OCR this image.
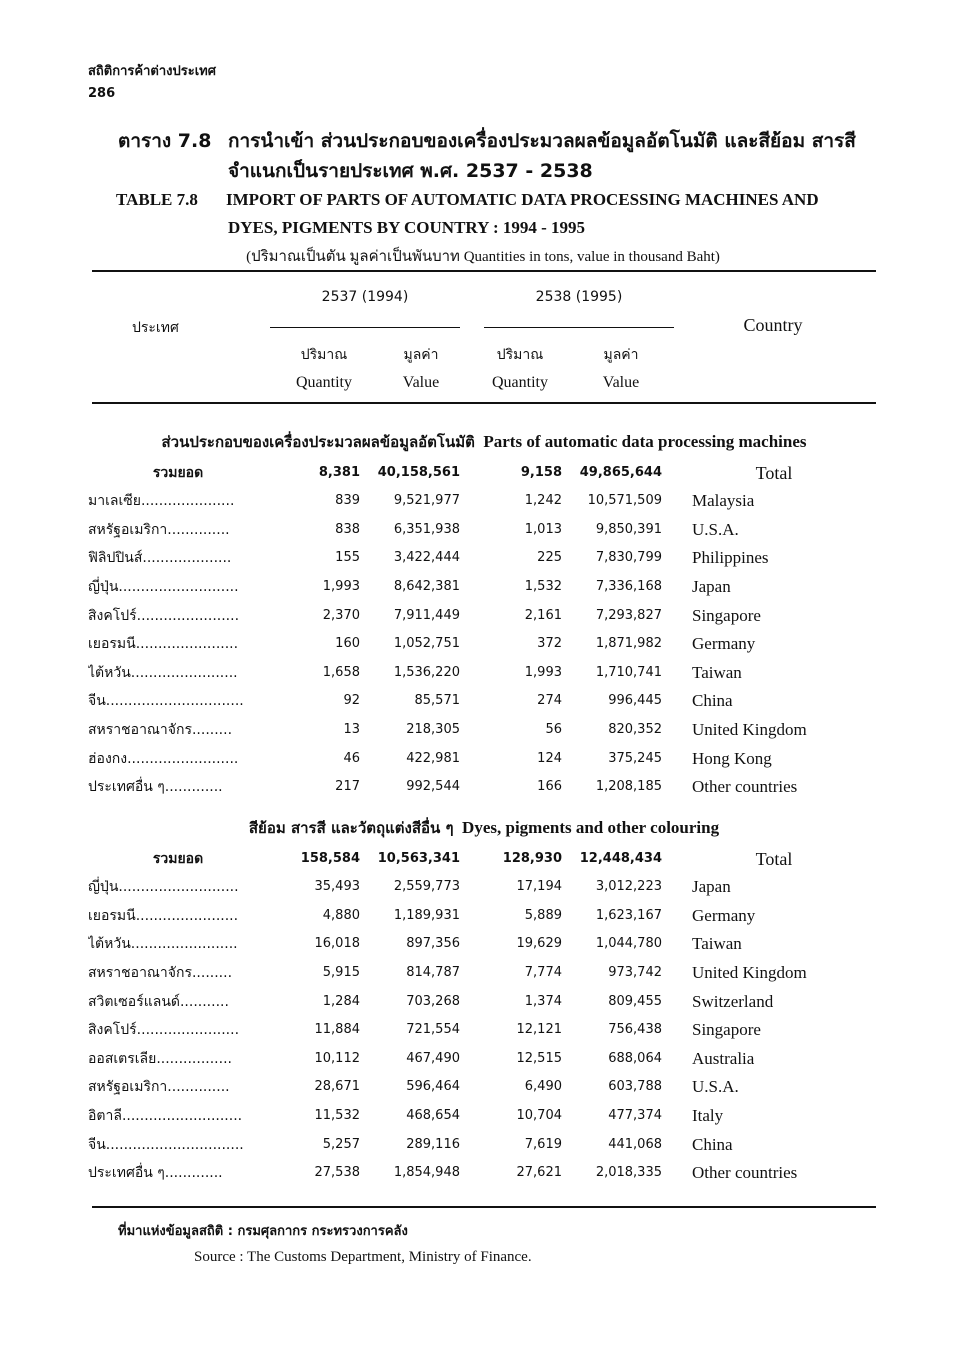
สถิติการค้าต่างประเทศ
286
ตาราง 7.8 การนำเข้า ส่วนประกอบของเครื่องประมวลผลข้อมูลอัตโนมัติ และสีย้อม สารสี
จำแนกเป็นรายประเทศ พ.ศ. 2537 - 2538
TABLE 7.8	IMPORT OF PARTS OF AUTOMATIC DATA PROCESSING MACHINES AND
DYES, PIGMENTS BY COUNTRY : 1994 - 1995
(ปริมาณเป็นตัน มูลค่าเป็นพันบาท Quantities in tons, value in thousand Baht)
ประเทศ
2537 (1994)	2538 (1995)
Country
ปริมาณ
Quantity
มูลค่า
Value
ปริมาณ
Quantity
มูลค่า
Value
ส่วนประกอบของเครื่องประมวลผลข้อมูลอัตโนมัติ Parts of automatic data processing machines
รวมยอด	8,381	40,158,561	9,158	49,865,644	Total
มาเลเซีย.....................	839	9,521,977	1,242	10,571,509 Malaysia
สหรัฐอเมริกา..............	838	6,351,938	1,013	9,850,391 U.S.A.
ฟิลิปปินส์....................	155	3,422,444	225	7,830,799 Philippines
ญี่ปุ่น...........................	1,993	8,642,381	1,532	7,336,168 Japan
สิงคโปร์.......................	2,370	7,911,449	2,161	7,293,827 Singapore
เยอรมนี.......................	160	1,052,751	372	1,871,982 Germany
ไต้หวัน........................	1,658	1,536,220	1,993	1,710,741 Taiwan
จีน...............................	92	85,571	274	996,445 China
สหราชอาณาจักร.........	13	218,305	56	820,352 United Kingdom
ฮ่องกง.........................	46	422,981	124	375,245 Hong Kong
ประเทศอื่น ๆ.............	217	992,544	166	1,208,185 Other countries
สีย้อม สารสี และวัตถุแต่งสีอื่น ๆ Dyes, pigments and other colouring
รวมยอด	158,584	10,563,341	128,930	12,448,434	Total
ญี่ปุ่น...........................	35,493	2,559,773	17,194	3,012,223 Japan
เยอรมนี.......................	4,880	1,189,931	5,889	1,623,167 Germany
ไต้หวัน........................	16,018	897,356	19,629	1,044,780 Taiwan
สหราชอาณาจักร.........	5,915	814,787	7,774	973,742 United Kingdom
สวิตเซอร์แลนด์...........	1,284	703,268	1,374	809,455 Switzerland
สิงคโปร์.......................	11,884	721,554	12,121	756,438 Singapore
ออสเตรเลีย.................	10,112	467,490	12,515	688,064 Australia
สหรัฐอเมริกา..............	28,671	596,464	6,490	603,788 U.S.A.
อิตาลี...........................	11,532	468,654	10,704	477,374 Italy
จีน...............................	5,257	289,116	7,619	441,068 China
ประเทศอื่น ๆ.............	27,538	1,854,948	27,621	2,018,335 Other countries
ที่มาแห่งข้อมูลสถิติ : กรมศุลกากร กระทรวงการคลัง
Source : The Customs Department, Ministry of Finance.
